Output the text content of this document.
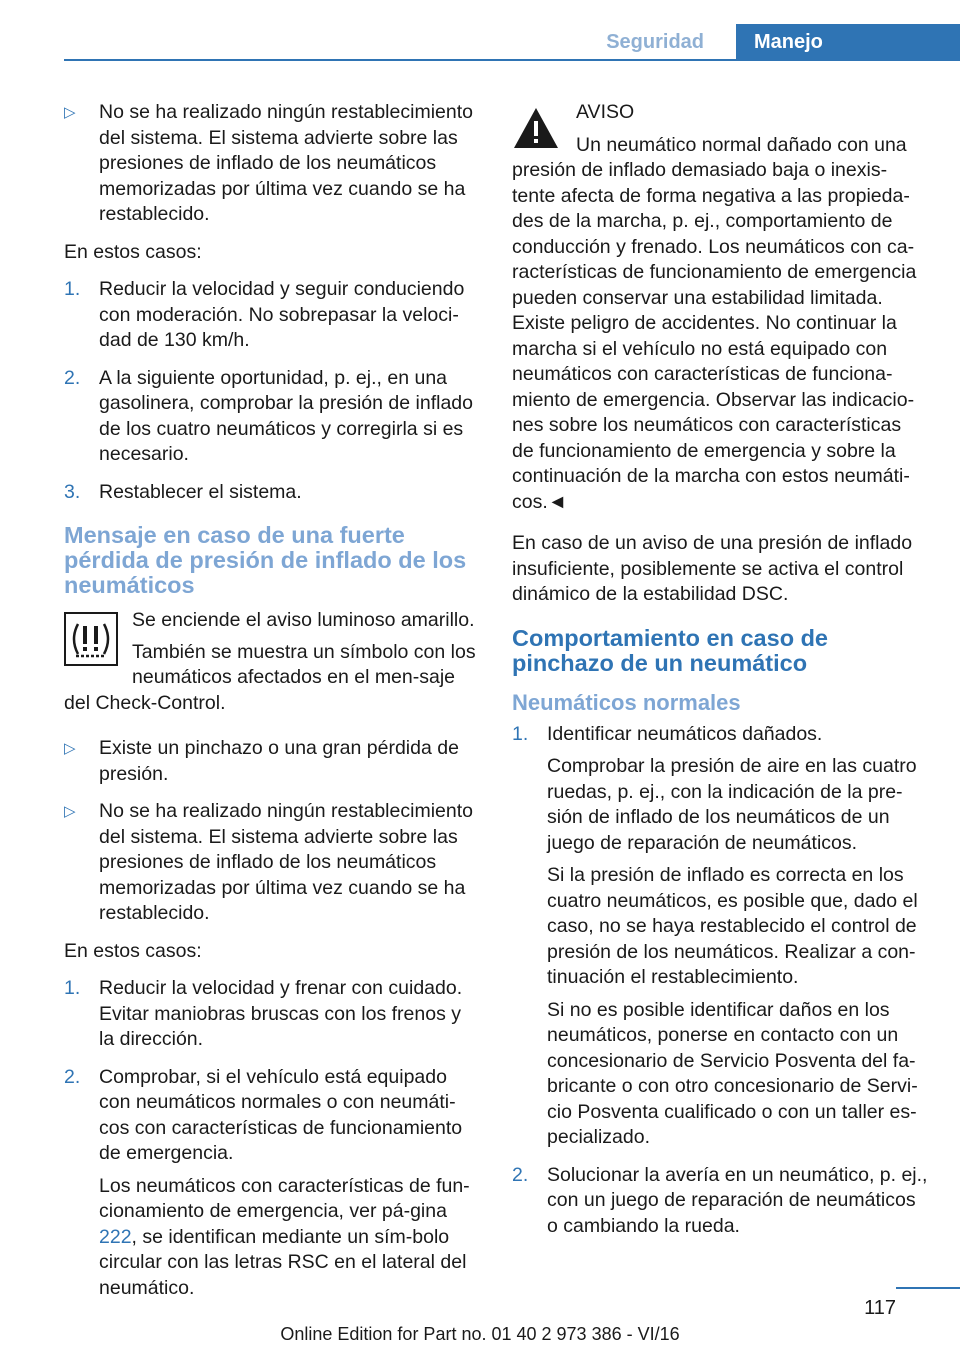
Seguridad	Manejo
▷ No se ha realizado ningún restablecimiento del sistema. El sistema advierte sobre las presiones de inflado de los neumáticos memorizadas por última vez cuando se ha restablecido.

En estos casos:

1. Reducir la velocidad y seguir conduciendo con moderación. No sobrepasar la veloci‐dad de 130 km/h.
2. A la siguiente oportunidad, p. ej., en una gasolinera, comprobar la presión de inflado de los cuatro neumáticos y corregirla si es necesario.
3. Restablecer el sistema.
Mensaje en caso de una fuerte pérdida de presión de inflado de los neumáticos

Se enciende el aviso luminoso amarillo.

También se muestra un símbolo con los neumáticos afectados en el men‐saje del Check-Control.

▷ Existe un pinchazo o una gran pérdida de presión.
▷ No se ha realizado ningún restablecimiento del sistema. El sistema advierte sobre las presiones de inflado de los neumáticos memorizadas por última vez cuando se ha restablecido.

En estos casos:

1. Reducir la velocidad y frenar con cuidado. Evitar maniobras bruscas con los frenos y la dirección.
2. Comprobar, si el vehículo está equipado con neumáticos normales o con neumáti‐cos con características de funcionamiento de emergencia.
Los neumáticos con características de fun‐cionamiento de emergencia, ver pá‐gina 222, se identifican mediante un sím‐bolo circular con las letras RSC en el lateral del neumático.
AVISO

Un neumático normal dañado con una presión de inflado demasiado baja o inexis‐tente afecta de forma negativa a las propieda‐des de la marcha, p. ej., comportamiento de conducción y frenado. Los neumáticos con ca‐racterísticas de funcionamiento de emergencia pueden conservar una estabilidad limitada. Existe peligro de accidentes. No continuar la marcha si el vehículo no está equipado con neumáticos con características de funciona‐miento de emergencia. Observar las indicacio‐nes sobre los neumáticos con características de funcionamiento de emergencia y sobre la continuación de la marcha con estos neumáti‐cos.◄

En caso de un aviso de una presión de inflado insuficiente, posiblemente se activa el control dinámico de la estabilidad DSC.

Comportamiento en caso de pinchazo de un neumático
Neumáticos normales
1. Identificar neumáticos dañados.
Comprobar la presión de aire en las cuatro ruedas, p. ej., con la indicación de la pre‐sión de inflado de los neumáticos de un juego de reparación de neumáticos.
Si la presión de inflado es correcta en los cuatro neumáticos, es posible que, dado el caso, no se haya restablecido el control de presión de los neumáticos. Realizar a con‐tinuación el restablecimiento.
Si no es posible identificar daños en los neumáticos, ponerse en contacto con un concesionario de Servicio Posventa del fa‐bricante o con otro concesionario de Servi‐cio Posventa cualificado o con un taller es‐pecializado.
2. Solucionar la avería en un neumático, p. ej., con un juego de reparación de neumáticos o cambiando la rueda.
117
Online Edition for Part no. 01 40 2 973 386 - VI/16
